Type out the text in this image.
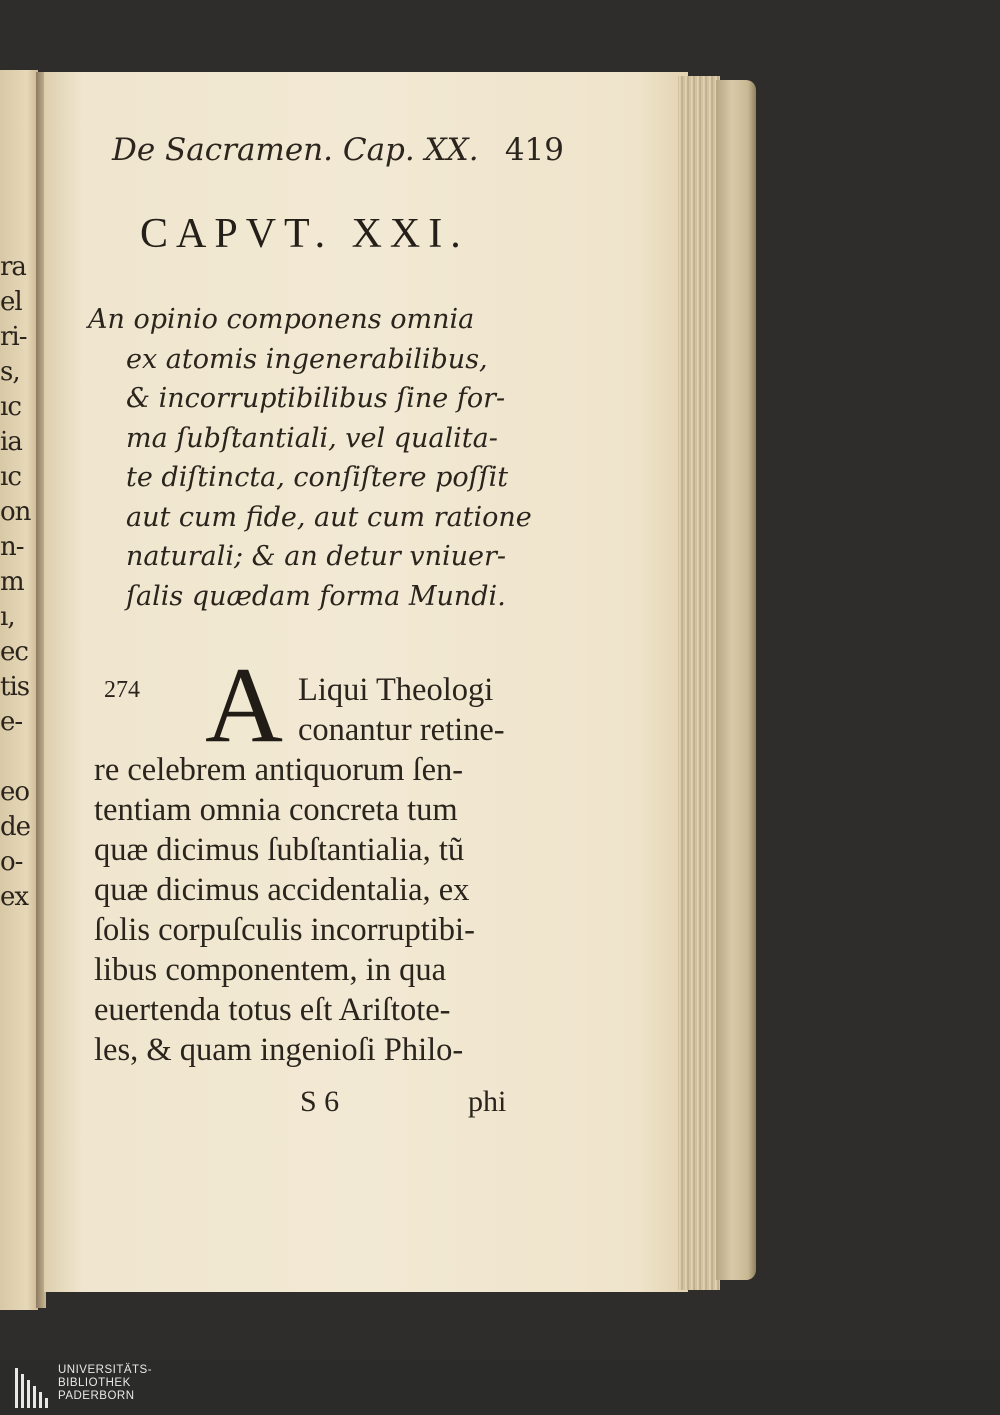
ra
el
ri-
s,
ıc
ia
ıc
on
n-
m
ı,
ec
tis
e-

eo
de
o-
ex
De Sacramen. Cap. XX. 419
CAPVT. XXI.
An opinio componens omnia
ex atomis ingenerabilibus,
& incorruptibilibus ſine for-
ma ſubſtantiali, vel qualita-
te diſtincta, conſiſtere poſſit
aut cum fide, aut cum ratione
naturali; & an detur vniuer-
ſalis quædam forma Mundi.
274 A Liqui Theologi
conantur retine-
re celebrem antiquorum ſen-
tentiam omnia concreta tum
quæ dicimus ſubſtantialia, tũ
quæ dicimus accidentalia, ex
ſolis corpuſculis incorruptibi-
libus componentem, in qua
euertenda totus eſt Ariſtote-
les, & quam ingenioſi Philo-
S 6	phi
UNIVERSITÄTS-
BIBLIOTHEK
PADERBORN
